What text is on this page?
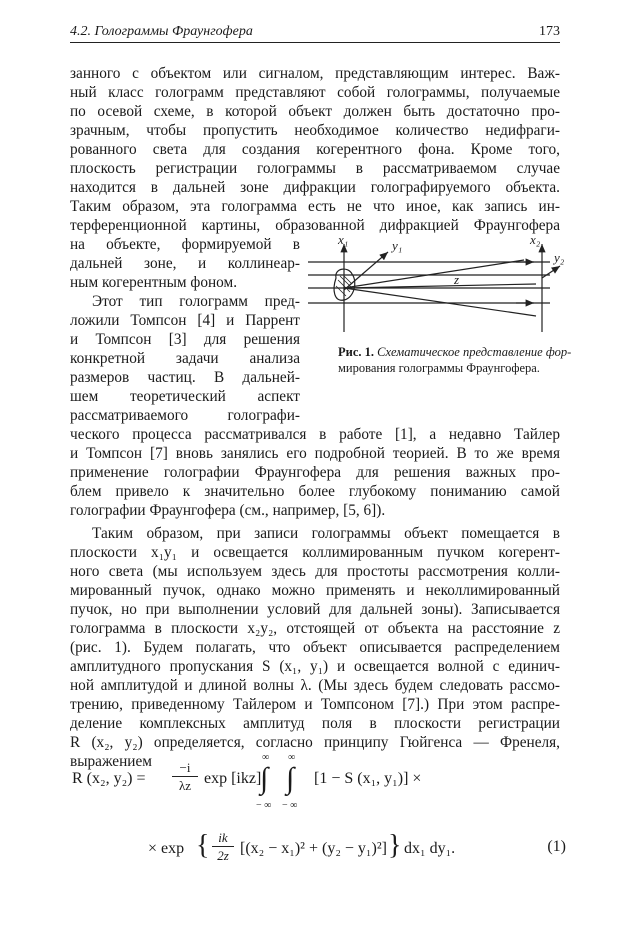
4.2. Голограммы Фраунгофера	173
занного с объектом или сигналом, представляющим интерес. Важ-
ный класс голограмм представляют собой голограммы, получаемые
по осевой схеме, в которой объект должен быть достаточно про-
зрачным, чтобы пропустить необходимое количество недифраги-
рованного света для создания когерентного фона. Кроме того,
плоскость регистрации голограммы в рассматриваемом случае
находится в дальней зоне дифракции голографируемого объекта.
Таким образом, эта голограмма есть не что иное, как запись ин-
терференционной картины, образованной дифракцией Фраунгофера
на объекте, формируемой в
дальней зоне, и коллинеар-
ным когерентным фоном.
Этот тип голограмм пред-
ложили Томпсон [4] и Паррент
и Томпсон [3] для решения
конкретной задачи анализа
размеров частиц. В дальней-
шем теоретический аспект
рассматриваемого голографи-
ческого процесса рассматривался в работе [1], а недавно Тайлер
и Томпсон [7] вновь занялись его подробной теорией. В то же время
применение голографии Фраунгофера для решения важных про-
блем привело к значительно более глубокому пониманию самой
голографии Фраунгофера (см., например, [5, 6]).
Таким образом, при записи голограммы объект помещается в
плоскости x₁y₁ и освещается коллимированным пучком когерент-
ного света (мы используем здесь для простоты рассмотрения колли-
мированный пучок, однако можно применять и неколлимированный
пучок, но при выполнении условий для дальней зоны). Записывается
голограмма в плоскости x₂y₂, отстоящей от объекта на расстояние z
(рис. 1). Будем полагать, что объект описывается распределением
амплитудного пропускания S (x₁, y₁) и освещается волной с единич-
ной амплитудой и длиной волны λ. (Мы здесь будем следовать рассмо-
трению, приведенному Тайлером и Томпсоном [7].) При этом распре-
деление комплексных амплитуд поля в плоскости регистрации
R (x₂, y₂) определяется, согласно принципу Гюйгенса — Френеля,
выражением
x₁	y₁	x₂
y₂
z
Рис. 1. Схематическое представление фор-
мирования голограммы Фраунгофера.
R (x₂, y₂) =
−i
λz exp [ikz]
∞
∫
− ∞
∞
∫
− ∞
[1 − S (x₁, y₁)] ×
× exp { ik
2z [(x₂ − x₁)² + (y₂ − y₁)²] } dx₁ dy₁.	(1)
